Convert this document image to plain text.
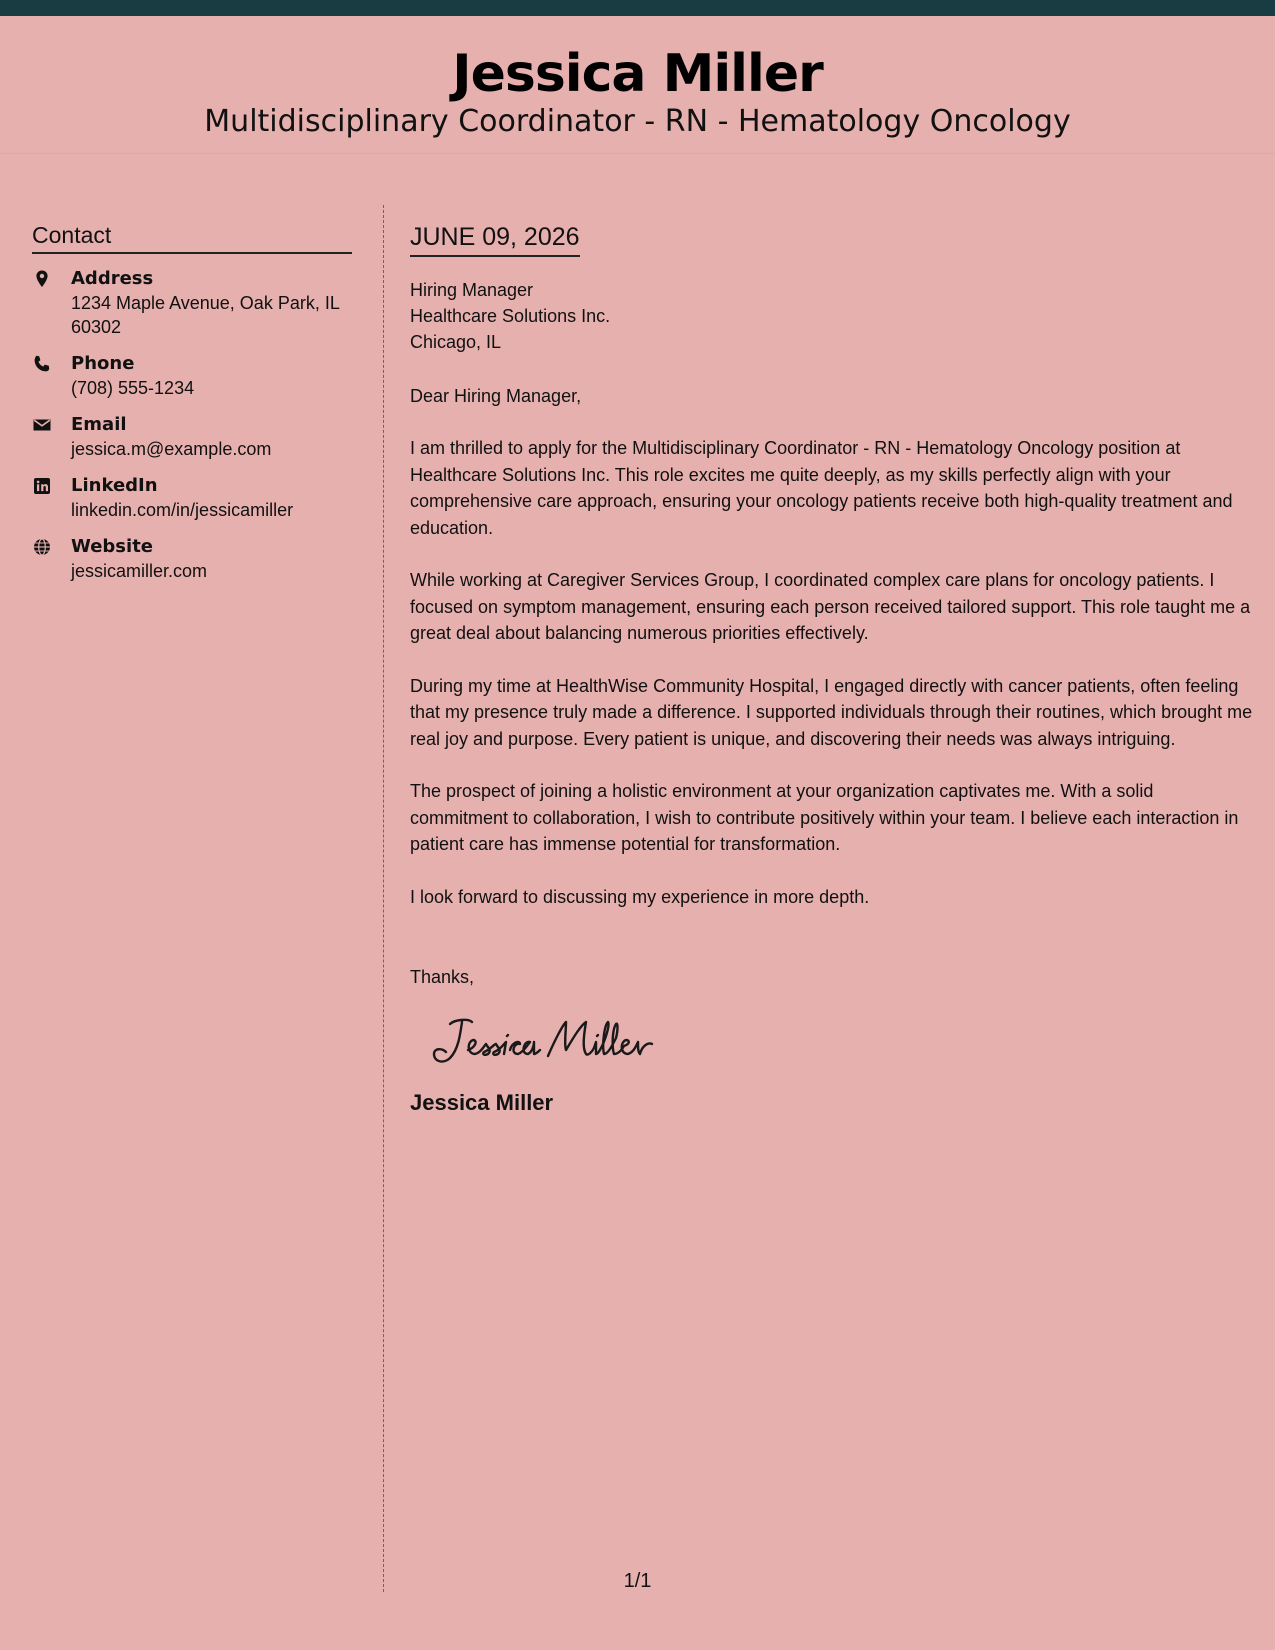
Jessica Miller
Multidisciplinary Coordinator - RN - Hematology Oncology
Contact
Address
1234 Maple Avenue, Oak Park, IL 60302
Phone
(708) 555-1234
Email
jessica.m@example.com
LinkedIn
linkedin.com/in/jessicamiller
Website
jessicamiller.com
JUNE 09, 2026
Hiring Manager
Healthcare Solutions Inc.
Chicago, IL
Dear Hiring Manager,

I am thrilled to apply for the Multidisciplinary Coordinator - RN - Hematology Oncology position at Healthcare Solutions Inc. This role excites me quite deeply, as my skills perfectly align with your comprehensive care approach, ensuring your oncology patients receive both high-quality treatment and education.

While working at Caregiver Services Group, I coordinated complex care plans for oncology patients. I focused on symptom management, ensuring each person received tailored support. This role taught me a great deal about balancing numerous priorities effectively.

During my time at HealthWise Community Hospital, I engaged directly with cancer patients, often feeling that my presence truly made a difference. I supported individuals through their routines, which brought me real joy and purpose. Every patient is unique, and discovering their needs was always intriguing.

The prospect of joining a holistic environment at your organization captivates me. With a solid commitment to collaboration, I wish to contribute positively within your team. I believe each interaction in patient care has immense potential for transformation.

I look forward to discussing my experience in more depth.

Thanks,
Jessica Miller
1/1
